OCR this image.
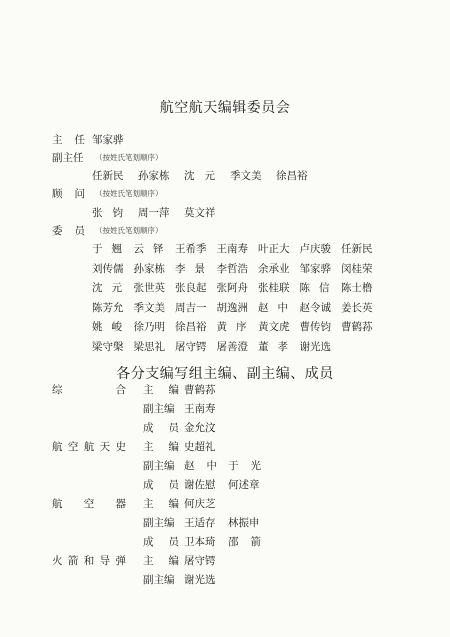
航空航天编辑委员会
主任
邹家骅
副主任 （按姓氏笔划顺序）
任新民	孙家栋	沈元 季文美	徐昌裕
顾问
（按姓氏笔划顺序）
张钧 周一萍	莫文祥
委员
（按姓氏笔划顺序）
于翘 云铎 王希季 王南寿 叶正大 卢庆骏 任新民
刘传儒 孙家栋 李景 李哲浩 余承业 邹家骅 闵桂荣
沈元 张世英 张良起 张阿舟 张桂联 陈信 陈士橹
陈芳允 季文美 周吉一 胡逸洲 赵中 赵令诚 姜长英
姚峻 徐乃明 徐昌裕 黄序 黄文虎 曹传钧 曹鹤荪
梁守槃 梁思礼 屠守锷 屠善澄 董孝 谢光选
各分支编写组主编、副主编、成员
综	合 主 编 曹鹤荪
副主编 王南寿
成 员 金允汶
航 空 航 天 史 主 编 史超礼
副主编 赵中 于光
成 员 谢佐慰 何述章
航 空 器 主 编 何庆芝
副主编 王适存 林振申
成 员 卫本琦 邵箭
火 箭 和 导 弹 主 编 屠守锷
副主编 谢光选
